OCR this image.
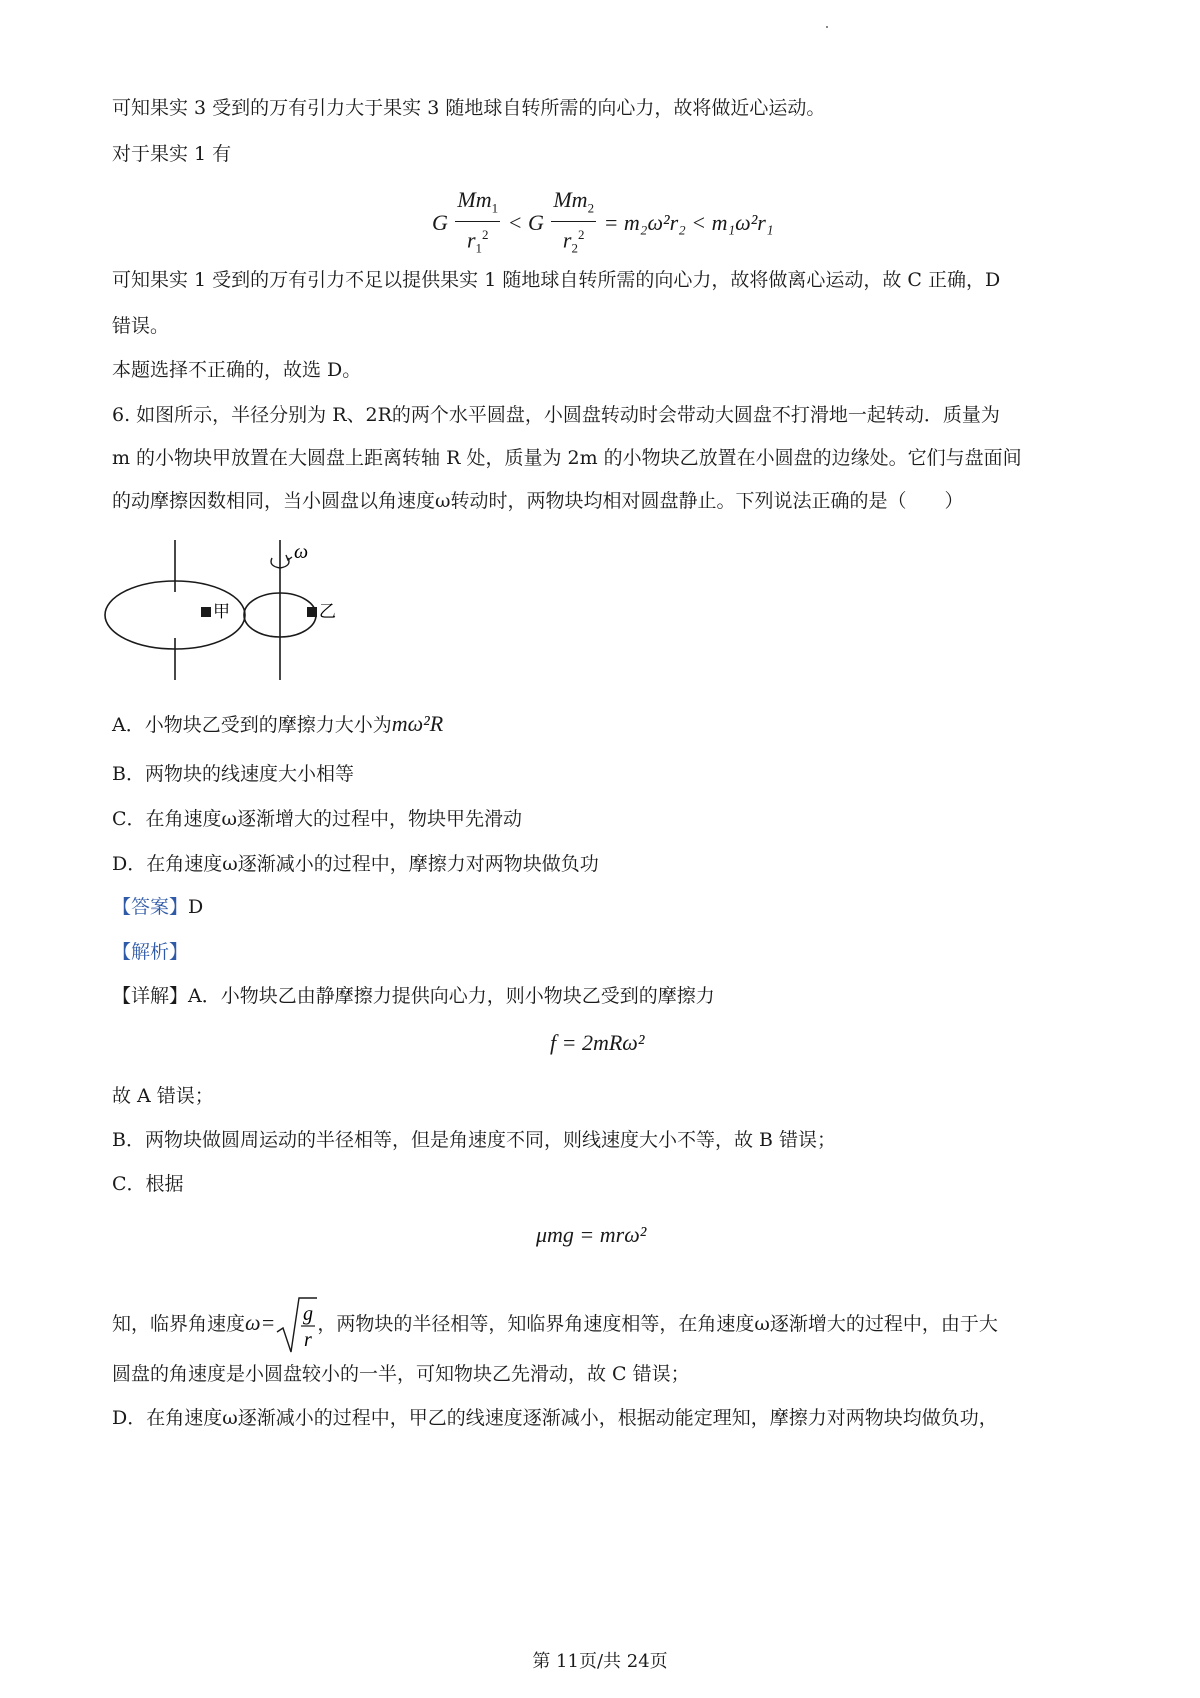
可知果实 3 受到的万有引力大于果实 3 随地球自转所需的向心力，故将做近心运动。
对于果实 1 有
G $\frac{Mm_1}{r_1^2} < G \frac{Mm_2}{r_2^2} = m_2\omega^2r_2 < m_1\omega^2r_1$
可知果实 1 受到的万有引力不足以提供果实 1 随地球自转所需的向心力，故将做离心运动，故 C 正确，D
错误。
本题选择不正确的，故选 D。
6. 如图所示，半径分别为 R、2R的两个水平圆盘，小圆盘转动时会带动大圆盘不打滑地一起转动．质量为
m 的小物块甲放置在大圆盘上距离转轴 R 处，质量为 2m 的小物块乙放置在小圆盘的边缘处。它们与盘面间
的动摩擦因数相同，当小圆盘以角速度ω转动时，两物块均相对圆盘静止。下列说法正确的是（　　）
ω
甲	乙
A．小物块乙受到的摩擦力大小为mω²R
B．两物块的线速度大小相等
C．在角速度ω逐渐增大的过程中，物块甲先滑动
D．在角速度ω逐渐减小的过程中，摩擦力对两物块做负功
【答案】D
【解析】
【详解】A．小物块乙由静摩擦力提供向心力，则小物块乙受到的摩擦力
f = 2mRω²
故 A 错误；
B．两物块做圆周运动的半径相等，但是角速度不同，则线速度大小不等，故 B 错误；
C．根据
μmg = mrω²
知，临界角速度ω= g
r
，两物块的半径相等，知临界角速度相等，在角速度ω逐渐增大的过程中，由于大
圆盘的角速度是小圆盘较小的一半，可知物块乙先滑动，故 C 错误；
D．在角速度ω逐渐减小的过程中，甲乙的线速度逐渐减小，根据动能定理知，摩擦力对两物块均做负功，
第 11页/共 24页
